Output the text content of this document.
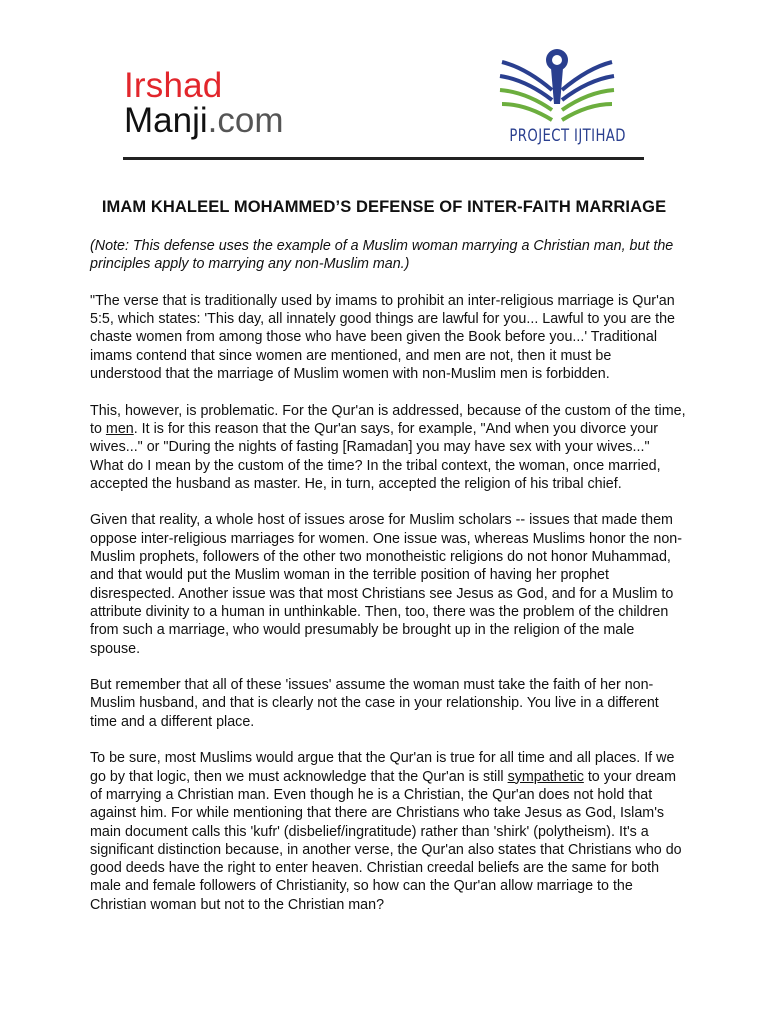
Irshad
Manji.com	PROJECT IJTIHAD
IMAM KHALEEL MOHAMMED’S DEFENSE OF INTER-FAITH MARRIAGE

(Note: This defense uses the example of a Muslim woman marrying a Christian man, but the principles apply to marrying any non-Muslim man.)

"The verse that is traditionally used by imams to prohibit an inter-religious marriage is Qur'an 5:5, which states: 'This day, all innately good things are lawful for you... Lawful to you are the chaste women from among those who have been given the Book before you...' Traditional imams contend that since women are mentioned, and men are not, then it must be understood that the marriage of Muslim women with non-Muslim men is forbidden.

This, however, is problematic. For the Qur'an is addressed, because of the custom of the time, to men. It is for this reason that the Qur'an says, for example, "And when you divorce your wives..." or "During the nights of fasting [Ramadan] you may have sex with your wives..." What do I mean by the custom of the time? In the tribal context, the woman, once married, accepted the husband as master. He, in turn, accepted the religion of his tribal chief.

Given that reality, a whole host of issues arose for Muslim scholars -- issues that made them oppose inter-religious marriages for women. One issue was, whereas Muslims honor the non-Muslim prophets, followers of the other two monotheistic religions do not honor Muhammad, and that would put the Muslim woman in the terrible position of having her prophet disrespected. Another issue was that most Christians see Jesus as God, and for a Muslim to attribute divinity to a human in unthinkable. Then, too, there was the problem of the children from such a marriage, who would presumably be brought up in the religion of the male spouse.

But remember that all of these 'issues' assume the woman must take the faith of her non-Muslim husband, and that is clearly not the case in your relationship. You live in a different time and a different place.

To be sure, most Muslims would argue that the Qur'an is true for all time and all places. If we go by that logic, then we must acknowledge that the Qur'an is still sympathetic to your dream of marrying a Christian man. Even though he is a Christian, the Qur'an does not hold that against him. For while mentioning that there are Christians who take Jesus as God, Islam's main document calls this 'kufr' (disbelief/ingratitude) rather than 'shirk' (polytheism). It's a significant distinction because, in another verse, the Qur'an also states that Christians who do good deeds have the right to enter heaven. Christian creedal beliefs are the same for both male and female followers of Christianity, so how can the Qur'an allow marriage to the Christian woman but not to the Christian man?
